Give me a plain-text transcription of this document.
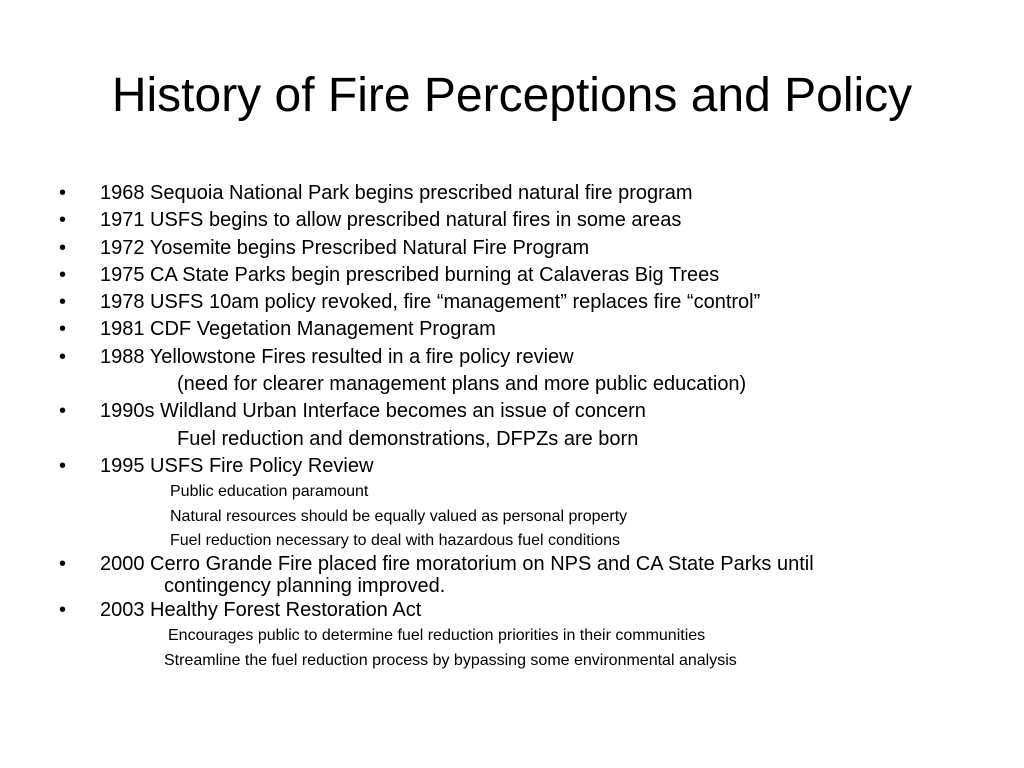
History of Fire Perceptions and Policy
• 1968 Sequoia National Park begins prescribed natural fire program
• 1971 USFS begins to allow prescribed natural fires in some areas
• 1972 Yosemite begins Prescribed Natural Fire Program
• 1975 CA State Parks begin prescribed burning at Calaveras Big Trees
• 1978 USFS 10am policy revoked, fire “management” replaces fire “control”
• 1981 CDF Vegetation Management Program
• 1988 Yellowstone Fires resulted in a fire policy review
(need for clearer management plans and more public education)
• 1990s Wildland Urban Interface becomes an issue of concern
Fuel reduction and demonstrations, DFPZs are born
• 1995 USFS Fire Policy Review
Public education paramount
Natural resources should be equally valued as personal property
Fuel reduction necessary to deal with hazardous fuel conditions
• 2000 Cerro Grande Fire placed fire moratorium on NPS and CA State Parks until
contingency planning improved.
• 2003 Healthy Forest Restoration Act
Encourages public to determine fuel reduction priorities in their communities
Streamline the fuel reduction process by bypassing some environmental analysis
